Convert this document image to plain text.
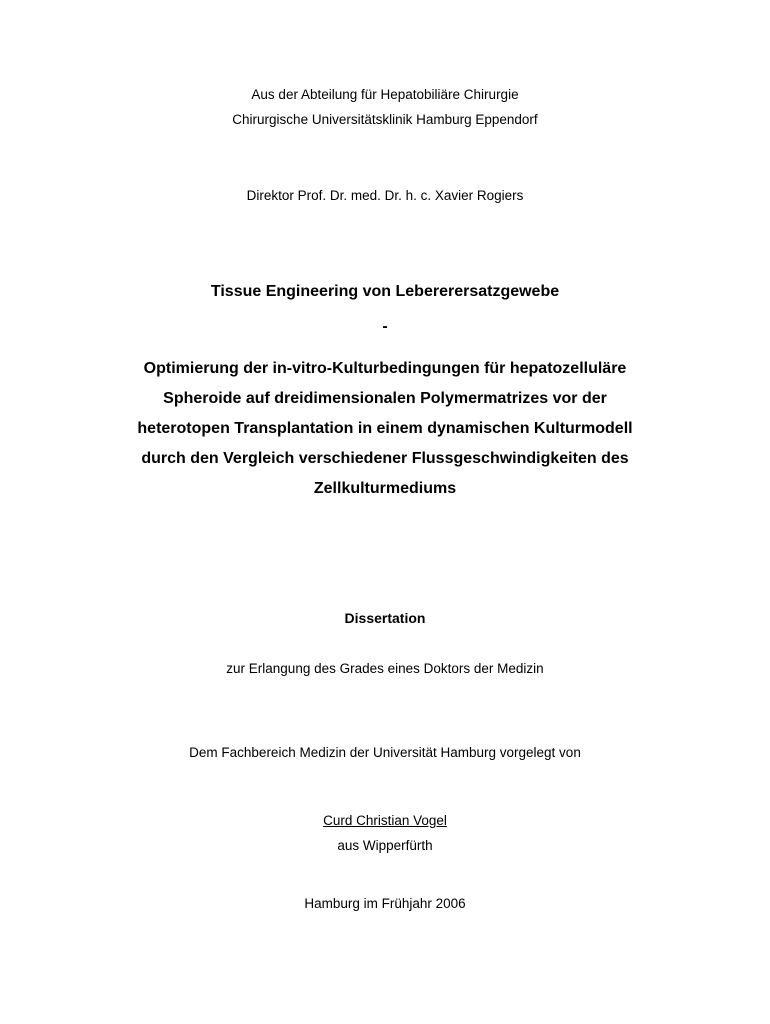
Aus der Abteilung für Hepatobiliäre Chirurgie

Chirurgische Universitätsklinik Hamburg Eppendorf

Direktor Prof. Dr. med. Dr. h. c. Xavier Rogiers

Tissue Engineering von Lebererersatzgewebe

-

Optimierung der in-vitro-Kulturbedingungen für hepatozelluläre
Spheroide auf dreidimensionalen Polymermatrizes vor der
heterotopen Transplantation in einem dynamischen Kulturmodell
durch den Vergleich verschiedener Flussgeschwindigkeiten des
Zellkulturmediums

Dissertation

zur Erlangung des Grades eines Doktors der Medizin

Dem Fachbereich Medizin der Universität Hamburg vorgelegt von

Curd Christian Vogel

aus Wipperfürth

Hamburg im Frühjahr 2006
